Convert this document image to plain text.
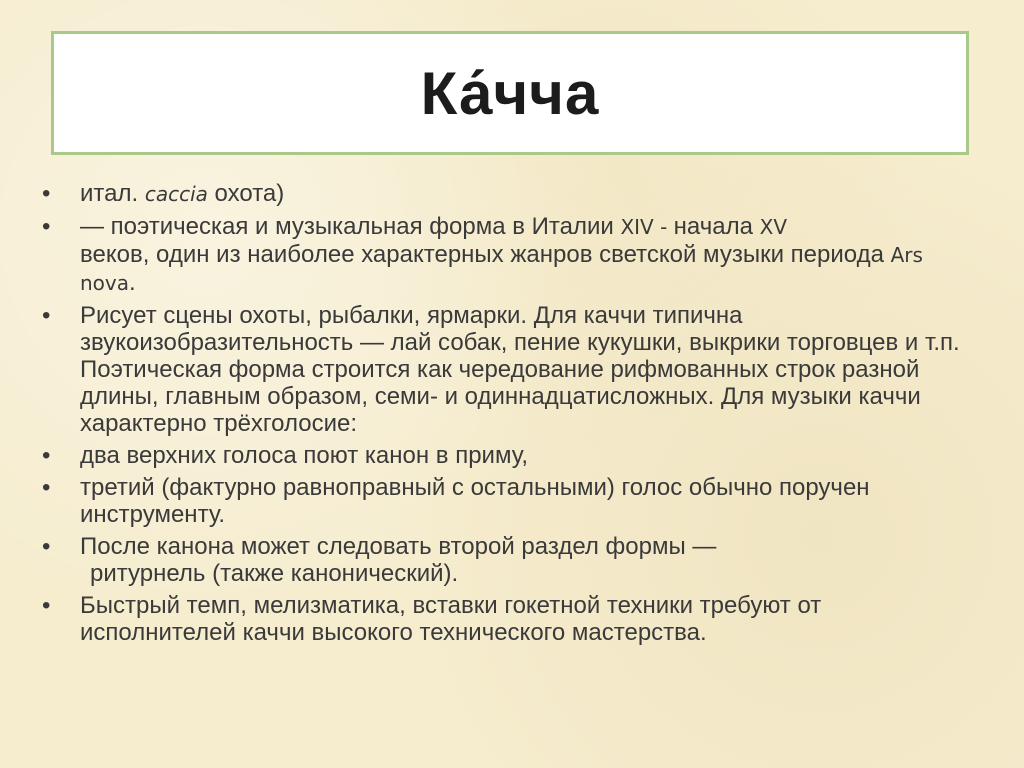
Ка́чча
• итал. caccia охота)
• — поэтическая и музыкальная форма в Италии XIV - начала XV
веков, один из наиболее характерных жанров светской музыки периода Ars nova.
• Рисует сцены охоты, рыбалки, ярмарки. Для каччи типична звукоизобразительность — лай собак, пение кукушки, выкрики торговцев и т.п. Поэтическая форма строится как чередование рифмованных строк разной длины, главным образом, семи- и одиннадцатисложных. Для музыки каччи характерно трёхголосие:
• два верхних голоса поют канон в приму,
• третий (фактурно равноправный с остальными) голос обычно поручен инструменту.
• После канона может следовать второй раздел формы —
ритурнель (также канонический).
• Быстрый темп, мелизматика, вставки гокетной техники требуют от исполнителей каччи высокого технического мастерства.
